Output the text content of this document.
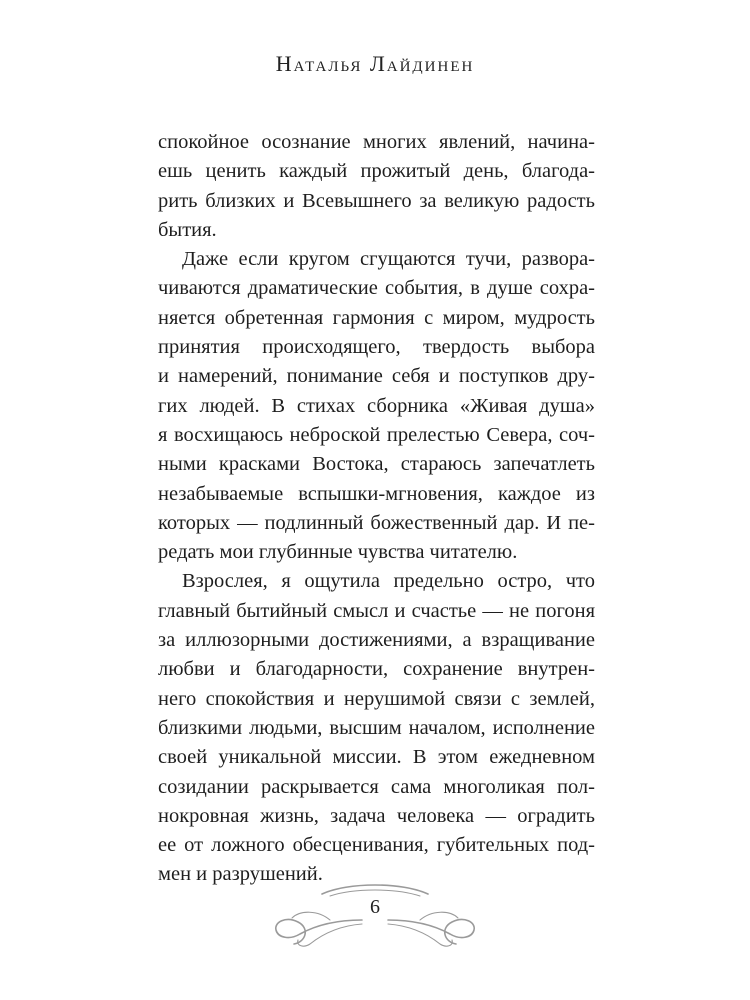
Наталья Лайдинен
спокойное осознание многих явлений, начина-
ешь ценить каждый прожитый день, благода-
рить близких и Всевышнего за великую радость
бытия.
Даже если кругом сгущаются тучи, развора-
чиваются драматические события, в душе сохра-
няется обретенная гармония с миром, мудрость
принятия происходящего, твердость выбора
и намерений, понимание себя и поступков дру-
гих людей. В стихах сборника «Живая душа»
я восхищаюсь неброской прелестью Севера, соч-
ными красками Востока, стараюсь запечатлеть
незабываемые вспышки-мгновения, каждое из
которых — подлинный божественный дар. И пе-
редать мои глубинные чувства читателю.
Взрослея, я ощутила предельно остро, что
главный бытийный смысл и счастье — не погоня
за иллюзорными достижениями, а взращивание
любви и благодарности, сохранение внутрен-
него спокойствия и нерушимой связи с землей,
близкими людьми, высшим началом, исполнение
своей уникальной миссии. В этом ежедневном
созидании раскрывается сама многоликая пол-
нокровная жизнь, задача человека — оградить
ее от ложного обесценивания, губительных под-
мен и разрушений.
6
